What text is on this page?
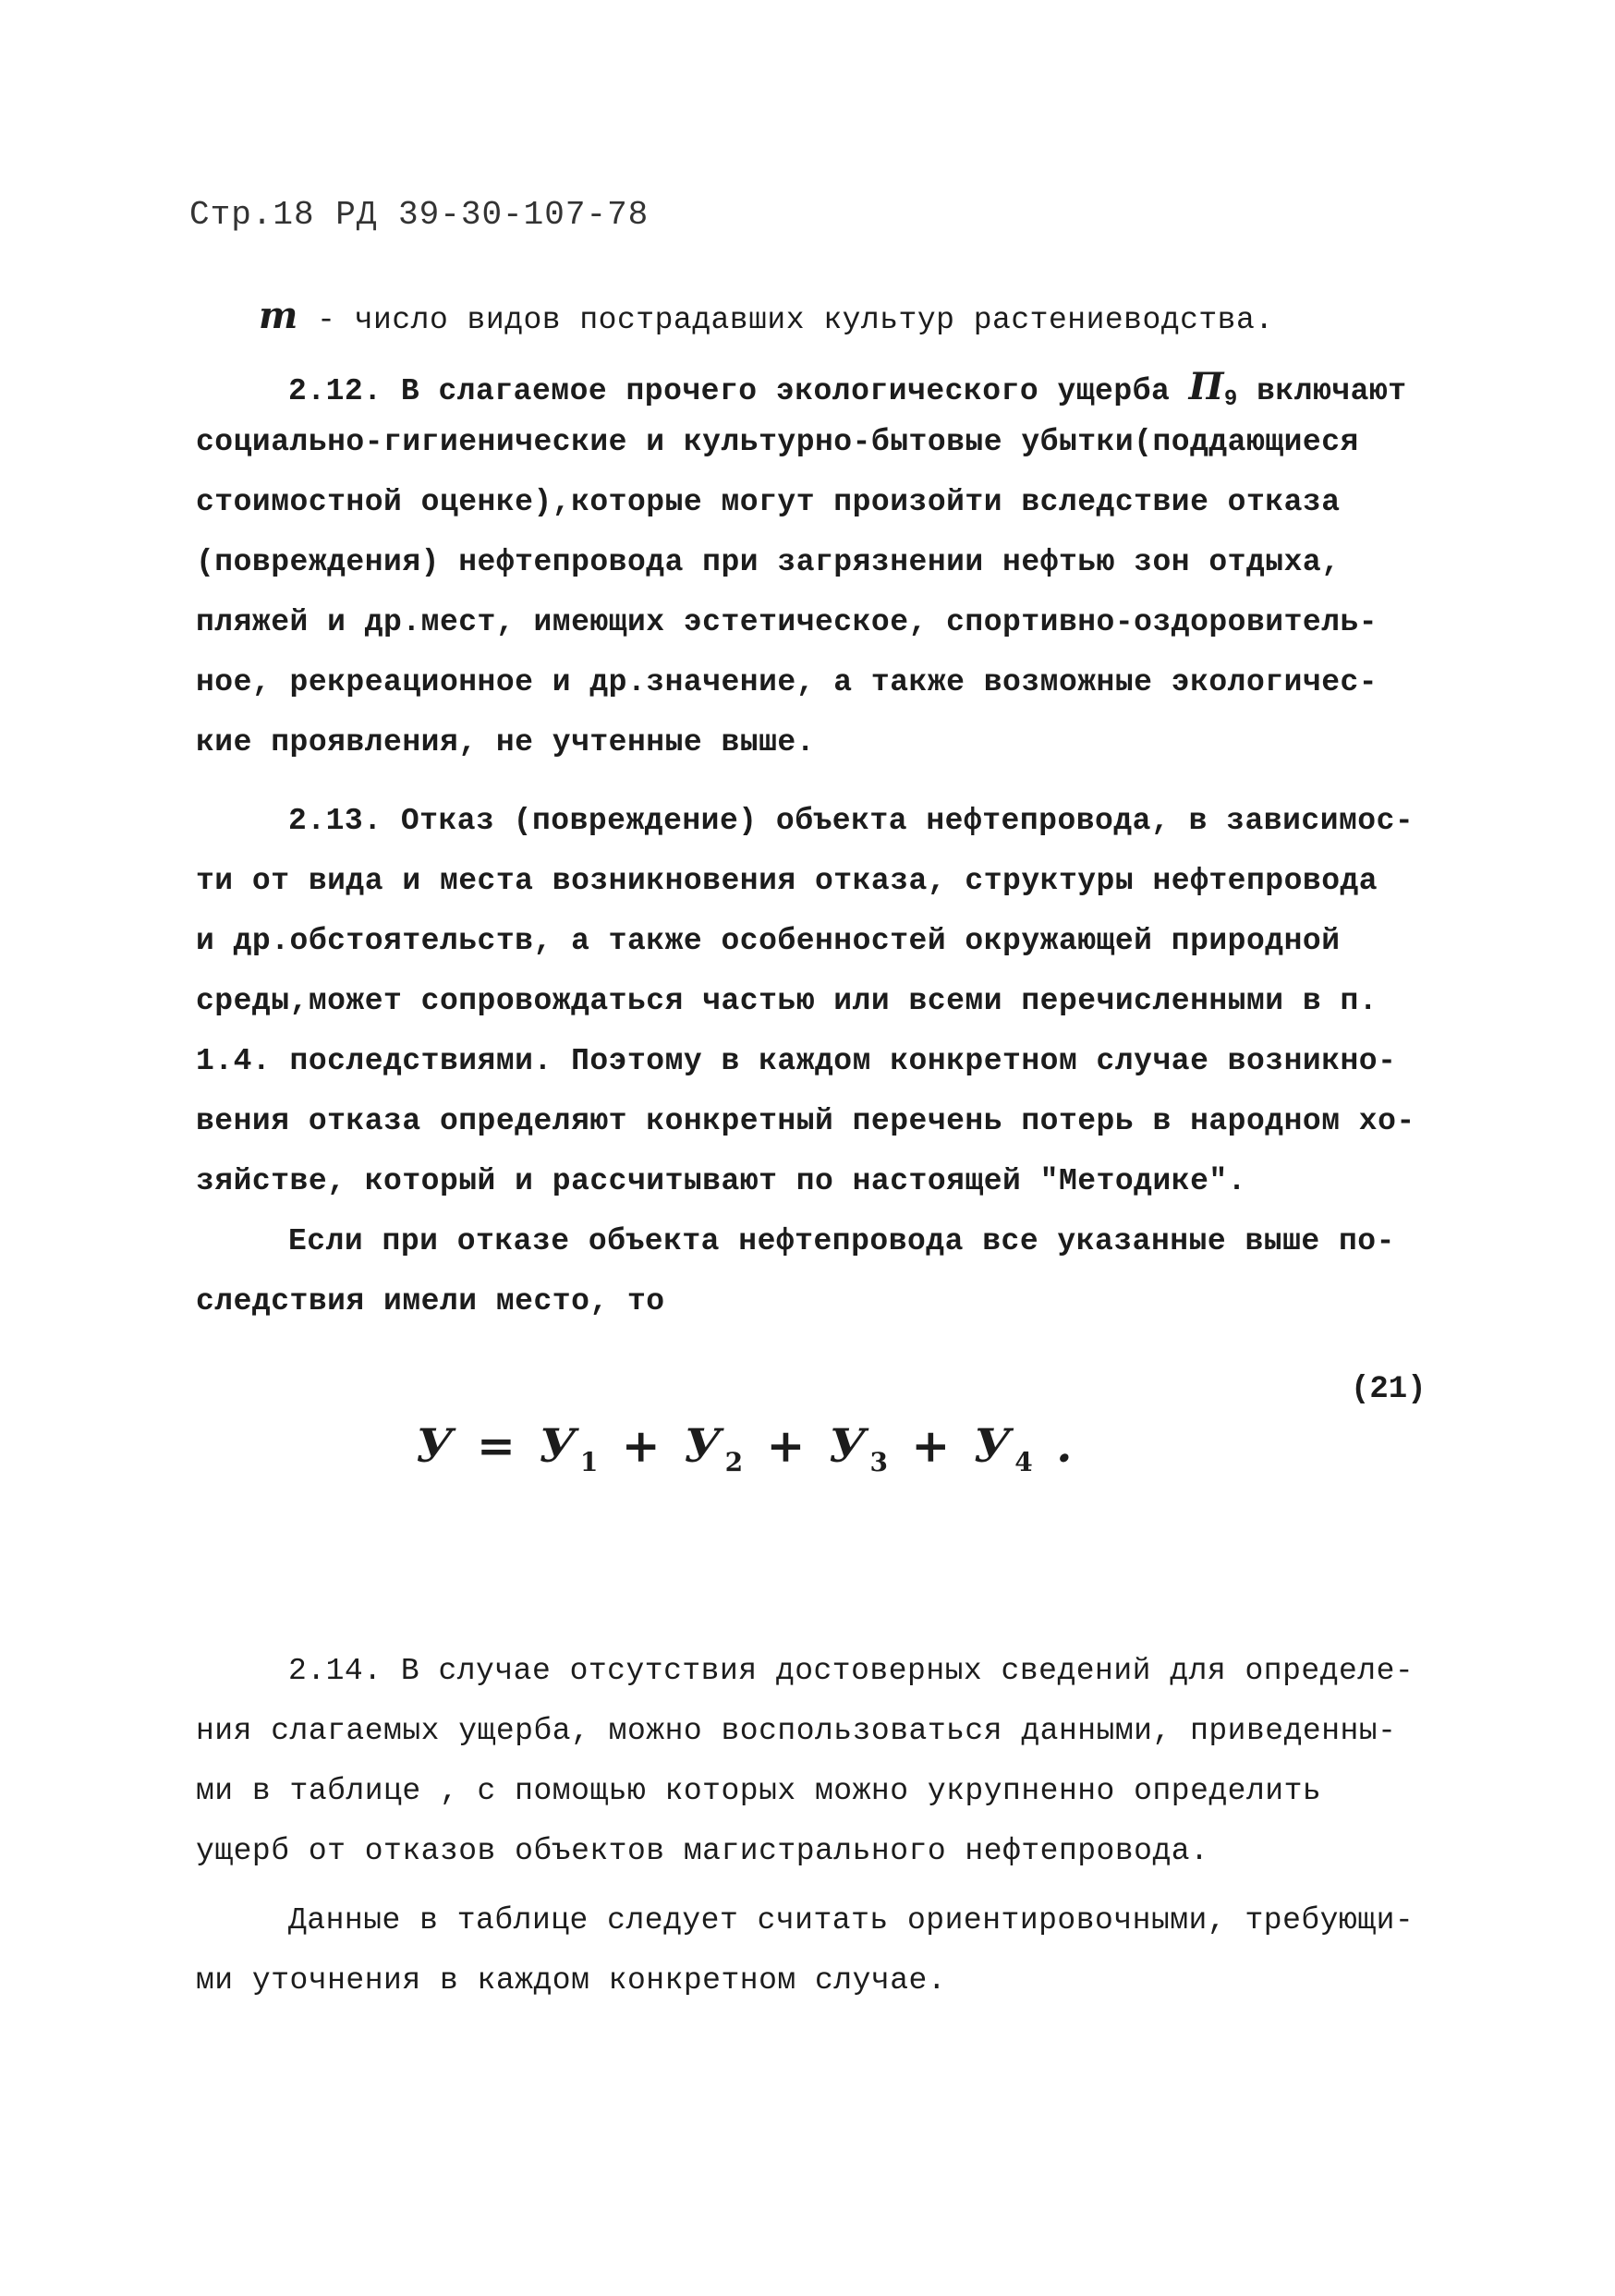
Стр.18 РД 39-30-107-78
m - число видов пострадавших культур растениеводства.
2.12. В слагаемое прочего экологического ущерба $П_9$ включают
социально-гигиенические и культурно-бытовые убытки(поддающиеся
стоимостной оценке),которые могут произойти вследствие отказа
(повреждения) нефтепровода при загрязнении нефтью зон отдыха,
пляжей и др.мест, имеющих эстетическое, спортивно-оздоровитель-
ное, рекреационное и др.значение, а также возможные экологичес-
кие проявления, не учтенные выше.
2.13. Отказ (повреждение) объекта нефтепровода, в зависимос-
ти от вида и места возникновения отказа, структуры нефтепровода
и др.обстоятельств, а также особенностей окружающей природной
среды,может сопровождаться частью или всеми перечисленными в п.
1.4. последствиями. Поэтому в каждом конкретном случае возникно-
вения отказа определяют конкретный перечень потерь в народном хо-
зяйстве, который и рассчитывают по настоящей "Методике".
Если при отказе объекта нефтепровода все указанные выше по-
следствия имели место, то
(21)
$У = У_1 + У_2 + У_3 + У_4$ .
2.14. В случае отсутствия достоверных сведений для определе-
ния слагаемых ущерба, можно воспользоваться данными, приведенны-
ми в таблице , с помощью которых можно укрупненно определить
ущерб от отказов объектов магистрального нефтепровода.
Данные в таблице следует считать ориентировочными, требующи-
ми уточнения в каждом конкретном случае.
